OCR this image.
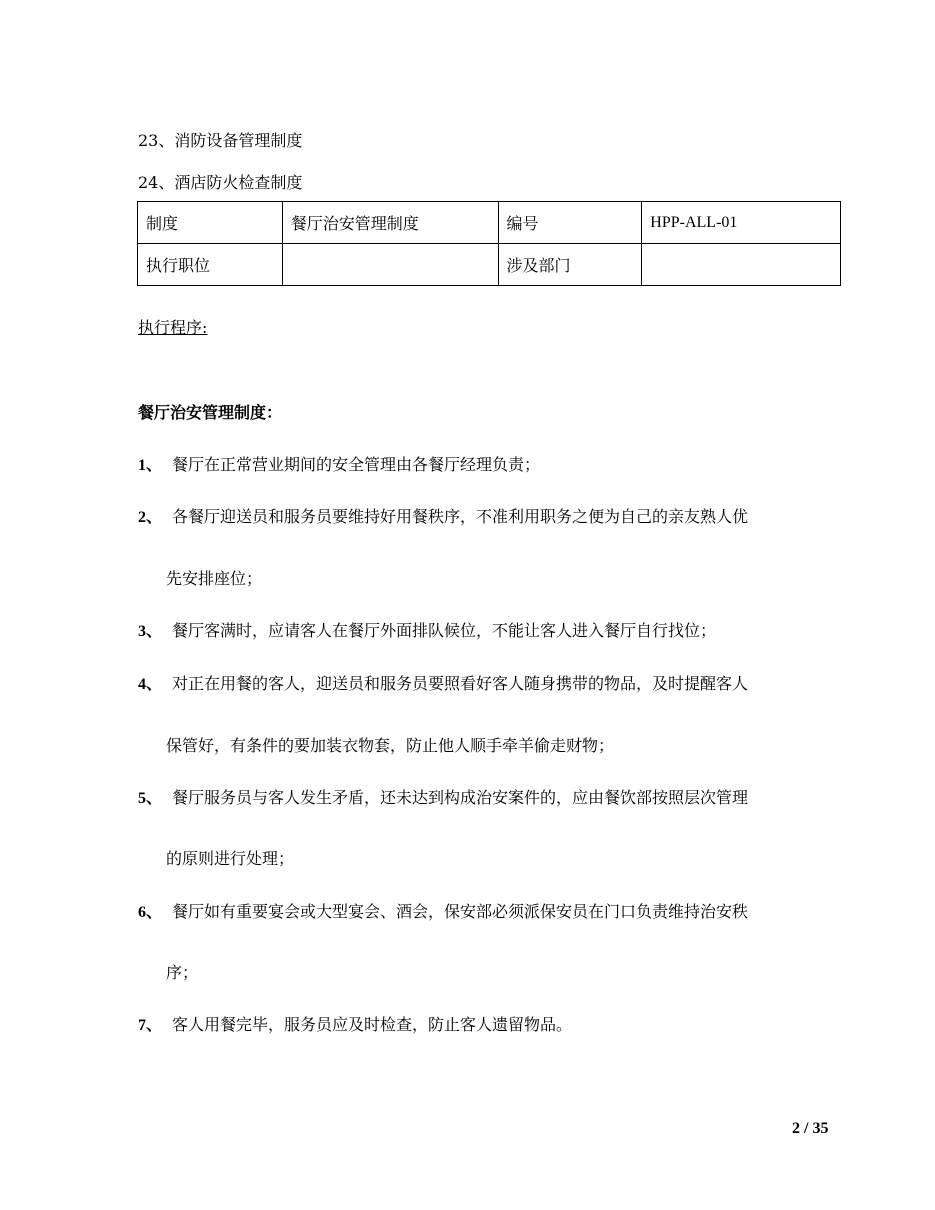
23、消防设备管理制度
24、酒店防火检查制度
制度	餐厅治安管理制度	编号	HPP-ALL-01
执行职位		涉及部门	
执行程序:
餐厅治安管理制度：
1、 餐厅在正常营业期间的安全管理由各餐厅经理负责；
2、 各餐厅迎送员和服务员要维持好用餐秩序，不准利用职务之便为自己的亲友熟人优
先安排座位；
3、 餐厅客满时，应请客人在餐厅外面排队候位，不能让客人进入餐厅自行找位；
4、 对正在用餐的客人，迎送员和服务员要照看好客人随身携带的物品，及时提醒客人
保管好，有条件的要加装衣物套，防止他人顺手牵羊偷走财物；
5、 餐厅服务员与客人发生矛盾，还未达到构成治安案件的，应由餐饮部按照层次管理
的原则进行处理；
6、 餐厅如有重要宴会或大型宴会、酒会，保安部必须派保安员在门口负责维持治安秩
序；
7、 客人用餐完毕，服务员应及时检查，防止客人遗留物品。
2 / 35
